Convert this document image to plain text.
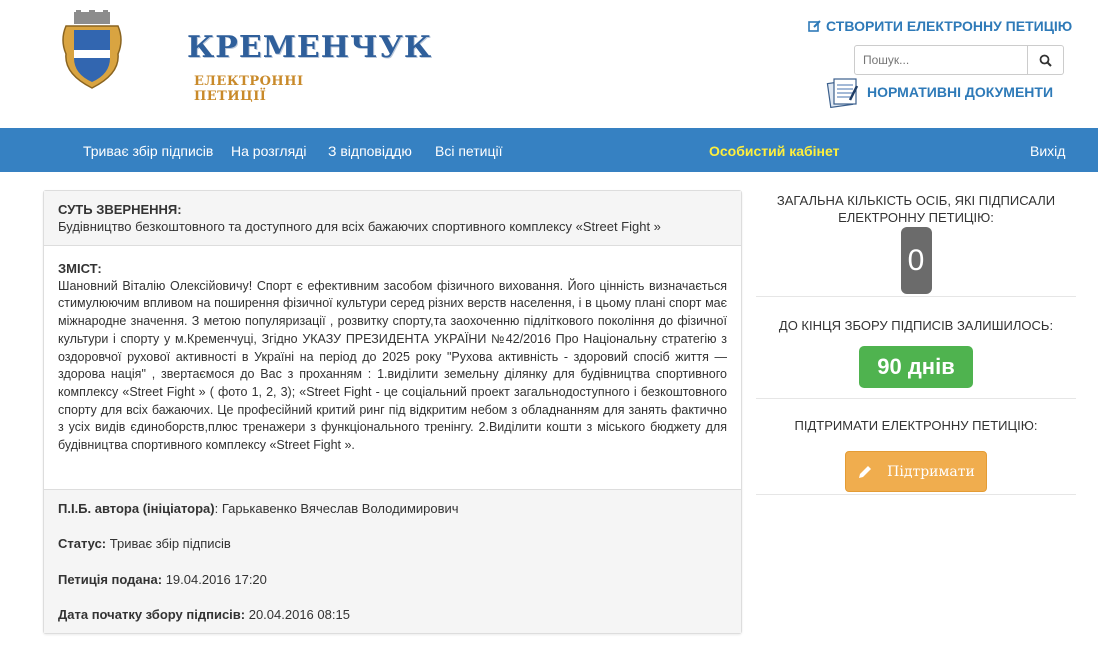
КРЕМЕНЧУК
ЕЛЕКТРОННІ ПЕТИЦІЇ
СТВОРИТИ ЕЛЕКТРОННУ ПЕТИЦІЮ
Пошук...
НОРМАТИВНІ ДОКУМЕНТИ
Триває збір підписів На розгляді З відповіддю Всі петиції	Особистий кабінет	Вихід
СУТЬ ЗВЕРНЕННЯ:
Будівництво безкоштовного та доступного для всіх бажаючих спортивного комплексу «Street Fight »
ЗМІСТ:
Шановний Віталію Олексійовичу! Спорт є ефективним засобом фізичного виховання. Його цінність визначається стимулюючим впливом на поширення фізичної культури серед різних верств населення, і в цьому плані спорт має міжнародне значення. З метою популяризації , розвитку спорту,та заохоченню підліткового покоління до фізичної культури і спорту у м.Кременчуці, Згідно УКАЗУ ПРЕЗИДЕНТА УКРАЇНИ №42/2016 Про Національну стратегію з оздоровчої рухової активності в Україні на період до 2025 року "Рухова активність - здоровий спосіб життя — здорова нація" , звертаємося до Вас з проханням : 1.виділити земельну ділянку для будівництва спортивного комплексу «Street Fight » ( фото 1, 2, 3); «Street Fight - це соціальний проект загальнодоступного і безкоштовного спорту для всіх бажаючих. Це професійний критий ринг під відкритим небом з обладнанням для занять фактично з усіх видів єдиноборств,плюс тренажери з функціонального тренінгу. 2.Виділити кошти з міського бюджету для будівництва спортивного комплексу «Street Fight ».
П.І.Б. автора (ініціатора): Гарькавенко Вячеслав Володимирович
Статус: Триває збір підписів
Петиція подана: 19.04.2016 17:20
Дата початку збору підписів: 20.04.2016 08:15
ЗАГАЛЬНА КІЛЬКІСТЬ ОСІБ, ЯКІ ПІДПИСАЛИ ЕЛЕКТРОННУ ПЕТИЦІЮ:
0
ДО КІНЦЯ ЗБОРУ ПІДПИСІВ ЗАЛИШИЛОСЬ:
90 днів
ПІДТРИМАТИ ЕЛЕКТРОННУ ПЕТИЦІЮ:
Підтримати
